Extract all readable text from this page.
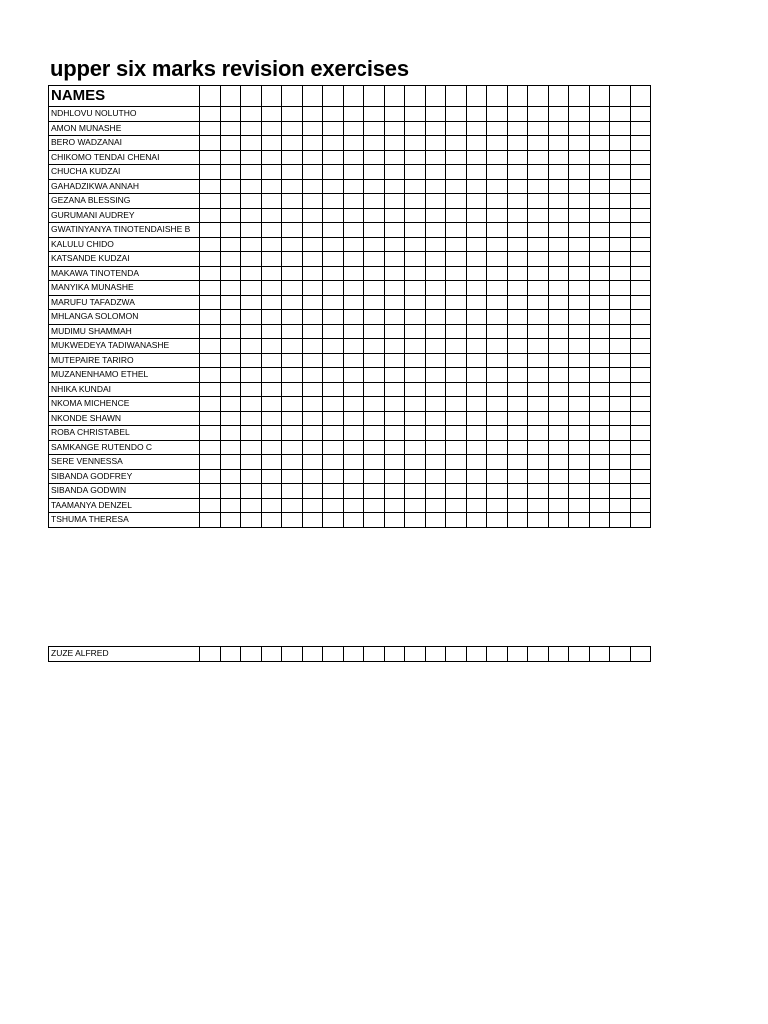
upper six marks revision exercises
NAMES																						
NDHLOVU NOLUTHO																						
AMON MUNASHE																						
BERO WADZANAI																						
CHIKOMO TENDAI CHENAI																						
CHUCHA KUDZAI																						
GAHADZIKWA ANNAH																						
GEZANA BLESSING																						
GURUMANI AUDREY																						
GWATINYANYA TINOTENDAISHE B																						
KALULU CHIDO																						
KATSANDE KUDZAI																						
MAKAWA TINOTENDA																						
MANYIKA MUNASHE																						
MARUFU TAFADZWA																						
MHLANGA SOLOMON																						
MUDIMU SHAMMAH																						
MUKWEDEYA TADIWANASHE																						
MUTEPAIRE TARIRO																						
MUZANENHAMO ETHEL																						
NHIKA KUNDAI																						
NKOMA MICHENCE																						
NKONDE SHAWN																						
ROBA CHRISTABEL																						
SAMKANGE RUTENDO C																						
SERE VENNESSA																						
SIBANDA GODFREY																						
SIBANDA GODWIN																						
TAAMANYA DENZEL																						
TSHUMA THERESA																						
ZUZE ALFRED																						
